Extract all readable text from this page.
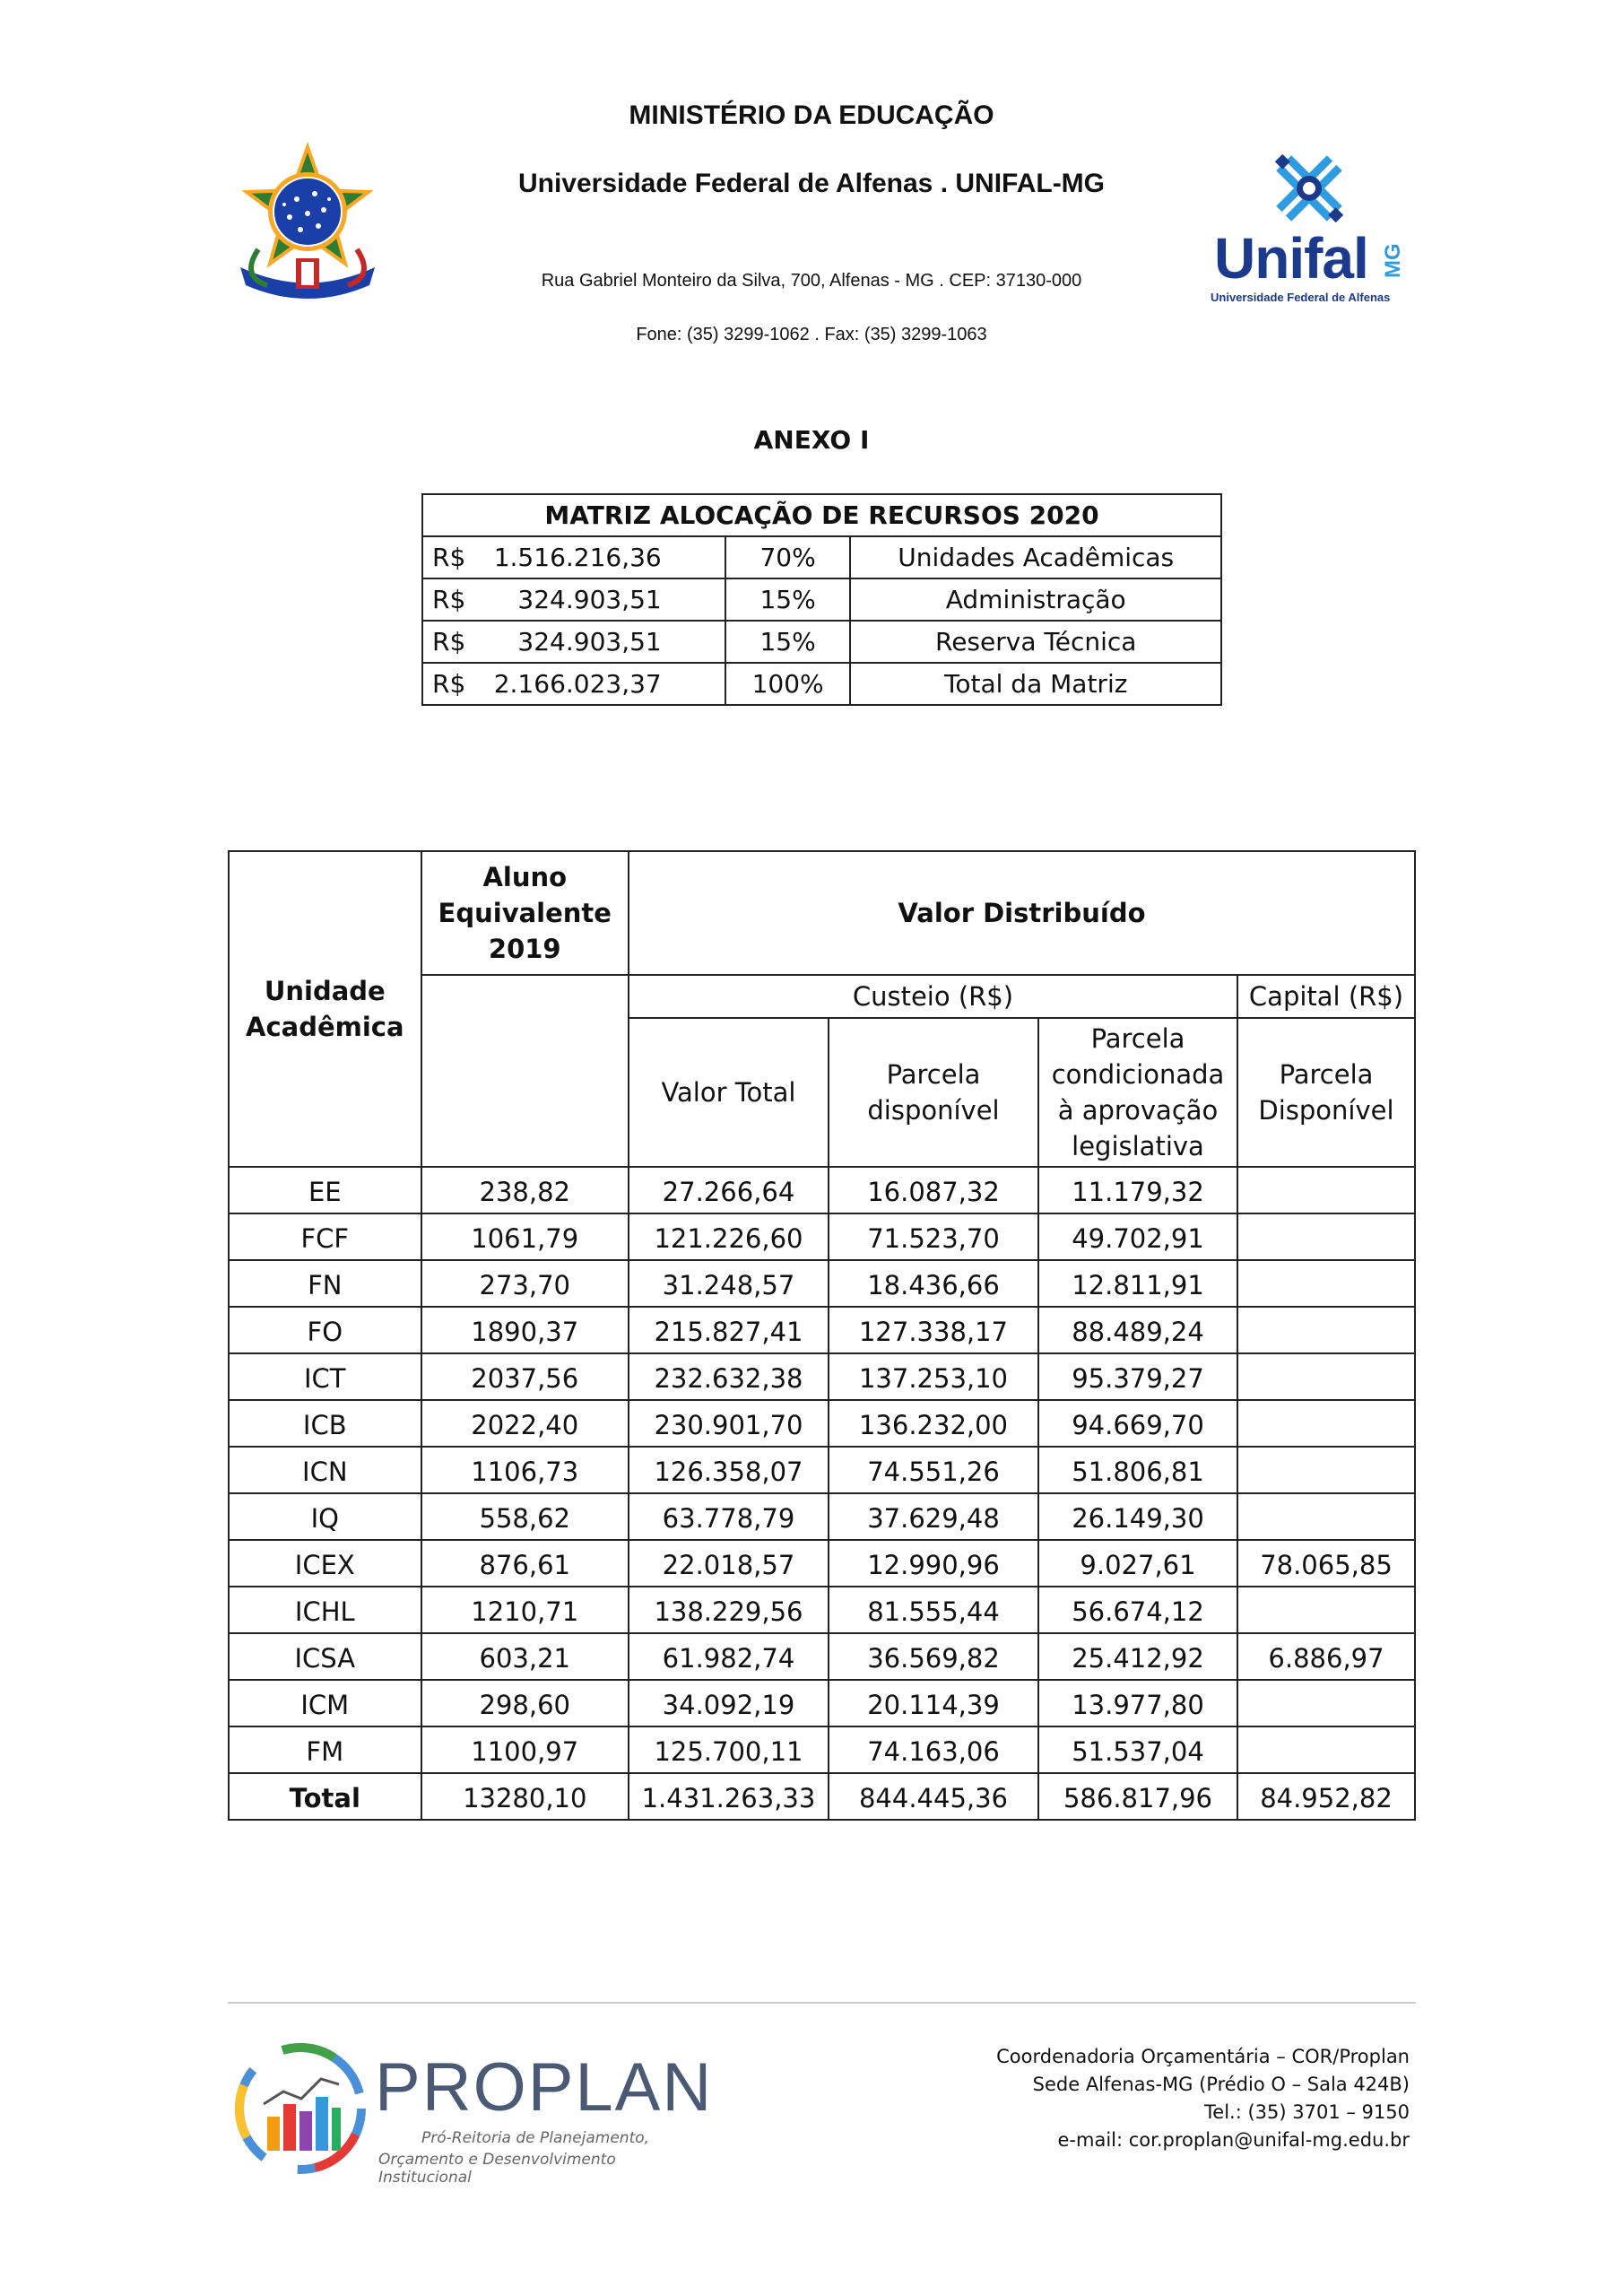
Unifal MG
Universidade Federal de Alfenas
MINISTÉRIO DA EDUCAÇÃO
Universidade Federal de Alfenas . UNIFAL-MG
Rua Gabriel Monteiro da Silva, 700, Alfenas - MG . CEP: 37130-000
Fone: (35) 3299-1062 . Fax: (35) 3299-1063
ANEXO I
MATRIZ ALOCAÇÃO DE RECURSOS 2020		

R$ 1.516.216,36	70%	Unidades Acadêmicas

R$ 324.903,51	15%	Administração

R$ 324.903,51	15%	Reserva Técnica

R$ 2.166.023,37	100%	Total da Matriz
Unidade Acadêmica	Aluno Equivalente 2019	Valor Distribuído			
		Custeio (R$)			Capital (R$)
		Valor Total	Parcela disponível	Parcela condicionada à aprovação legislativa	Parcela Disponível
EE	238,82	27.266,64	16.087,32	11.179,32	
FCF	1061,79	121.226,60	71.523,70	49.702,91	
FN	273,70	31.248,57	18.436,66	12.811,91	
FO	1890,37	215.827,41	127.338,17	88.489,24	
ICT	2037,56	232.632,38	137.253,10	95.379,27	
ICB	2022,40	230.901,70	136.232,00	94.669,70	
ICN	1106,73	126.358,07	74.551,26	51.806,81	
IQ	558,62	63.778,79	37.629,48	26.149,30	
ICEX	876,61	22.018,57	12.990,96	9.027,61	78.065,85
ICHL	1210,71	138.229,56	81.555,44	56.674,12	
ICSA	603,21	61.982,74	36.569,82	25.412,92	6.886,97
ICM	298,60	34.092,19	20.114,39	13.977,80	
FM	1100,97	125.700,11	74.163,06	51.537,04	
Total	13280,10	1.431.263,33	844.445,36	586.817,96	84.952,82
PROPLAN
Pró-Reitoria de Planejamento,
Orçamento e Desenvolvimento Institucional
Coordenadoria Orçamentária – COR/Proplan
Sede Alfenas-MG (Prédio O – Sala 424B)
Tel.: (35) 3701 – 9150
e-mail: cor.proplan@unifal-mg.edu.br
